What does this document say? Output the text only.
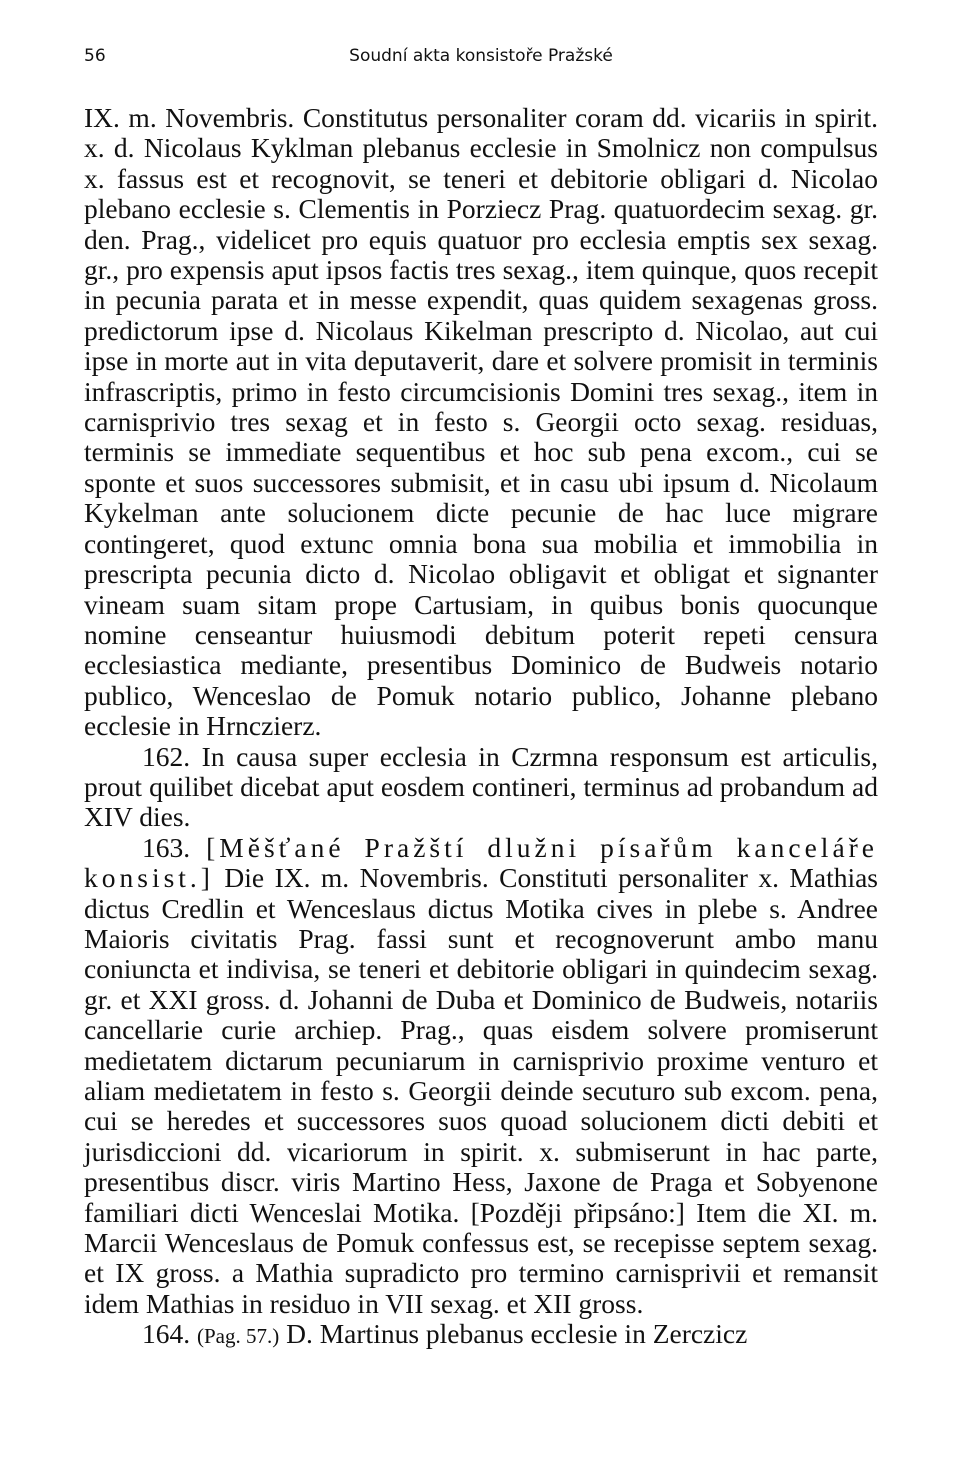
56	Soudní akta konsistoře Pražské

IX. m. Novembris. Constitutus personaliter coram dd. vicariis in spirit. x. d. Nicolaus Kyklman plebanus ecclesie in Smolnicz non compulsus x. fassus est et recognovit, se teneri et debitorie obligari d. Nicolao plebano ecclesie s. Clementis in Porziecz Prag. quatuordecim sexag. gr. den. Prag., videlicet pro equis quatuor pro ecclesia emptis sex sexag. gr., pro expensis aput ipsos factis tres sexag., item quinque, quos recepit in pecunia parata et in messe expendit, quas quidem sexagenas gross. predictorum ipse d. Nicolaus Kikelman prescripto d. Nicolao, aut cui ipse in morte aut in vita deputaverit, dare et solvere promisit in terminis infrascriptis, primo in festo circumcisionis Domini tres sexag., item in carnisprivio tres sexag et in festo s. Georgii octo sexag. residuas, terminis se immediate sequentibus et hoc sub pena excom., cui se sponte et suos successores submisit, et in casu ubi ipsum d. Nicolaum Kykelman ante solucionem dicte pecunie de hac luce migrare contingeret, quod extunc omnia bona sua mobilia et immobilia in prescripta pecunia dicto d. Nicolao obligavit et obligat et signanter vineam suam sitam prope Cartusiam, in quibus bonis quocunque nomine censeantur huiusmodi debitum poterit repeti censura ecclesiastica mediante, presentibus Dominico de Budweis notario publico, Wenceslao de Pomuk notario publico, Johanne plebano ecclesie in Hrnczierz.

162. In causa super ecclesia in Czrmna responsum est articulis, prout quilibet dicebat aput eosdem contineri, terminus ad probandum ad XIV dies.

163. [Měšťané Pražští dlužni písařům kanceláře konsist.] Die IX. m. Novembris. Constituti personaliter x. Mathias dictus Credlin et Wenceslaus dictus Motika cives in plebe s. Andree Maioris civitatis Prag. fassi sunt et recognoverunt ambo manu coniuncta et indivisa, se teneri et debitorie obligari in quindecim sexag. gr. et XXI gross. d. Johanni de Duba et Dominico de Budweis, notariis cancellarie curie archiep. Prag., quas eisdem solvere promiserunt medietatem dictarum pecuniarum in carnisprivio proxime venturo et aliam medietatem in festo s. Georgii deinde secuturo sub excom. pena, cui se heredes et successores suos quoad solucionem dicti debiti et jurisdiccioni dd. vicariorum in spirit. x. submiserunt in hac parte, presentibus discr. viris Martino Hess, Jaxone de Praga et Sobyenone familiari dicti Wenceslai Motika. [Později připsáno:] Item die XI. m. Marcii Wenceslaus de Pomuk confessus est, se recepisse septem sexag. et IX gross. a Mathia supradicto pro termino carnisprivii et remansit idem Mathias in residuo in VII sexag. et XII gross.

164. (Pag. 57.) D. Martinus plebanus ecclesie in Zerczicz
